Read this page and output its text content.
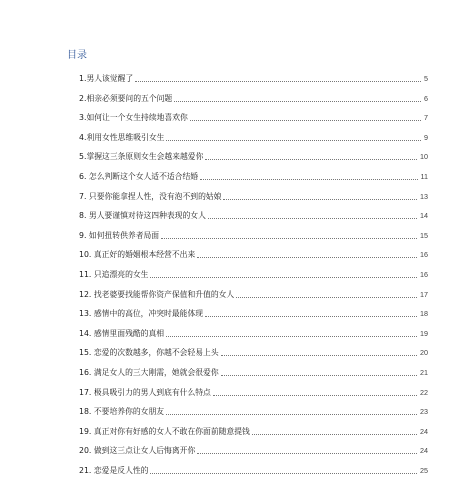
目录
1.男人该觉醒了	5
2.相亲必须要问的五个问题	6
3.如何让一个女生持续地喜欢你	7
4.利用女性思维吸引女生	9
5.掌握这三条原则女生会越来越爱你	10
6. 怎么判断这个女人适不适合结婚	11
7. 只要你能拿捏人性，没有泡不到的姑娘	13
8. 男人要谨慎对待这四种表现的女人	14
9. 如何扭转供养者局面	15
10. 真正好的婚姻根本经营不出来	16
11. 只追漂亮的女生	16
12. 找老婆要找能帮你资产保值和升值的女人	17
13. 感情中的高位，冲突时最能体现	18
14. 感情里面残酷的真相	19
15. 恋爱的次数越多，你越不会轻易上头	20
16. 满足女人的三大刚需，她就会很爱你	21
17. 极具吸引力的男人到底有什么特点	22
18. 不要培养你的女朋友	23
19. 真正对你有好感的女人不敢在你面前随意提钱	24
20. 做到这三点让女人后悔离开你	24
21. 恋爱是反人性的	25
